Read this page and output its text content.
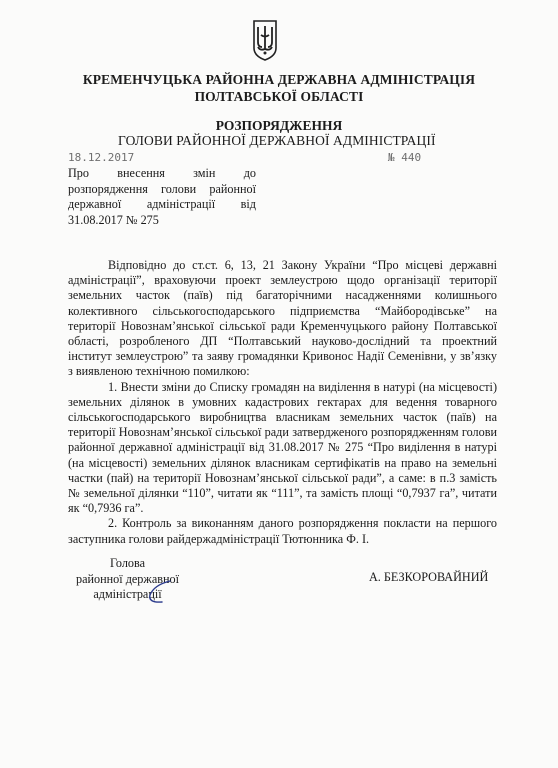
КРЕМЕНЧУЦЬКА РАЙОННА ДЕРЖАВНА АДМІНІСТРАЦІЯ
ПОЛТАВСЬКОЇ ОБЛАСТІ
РОЗПОРЯДЖЕННЯ
ГОЛОВИ РАЙОННОЇ ДЕРЖАВНОЇ АДМІНІСТРАЦІЇ
18.12.2017	№ 440
Про внесення змін до
розпорядження голови районної
державної адміністрації від
31.08.2017 № 275

Відповідно до ст.ст. 6, 13, 21 Закону України “Про місцеві державні адміністрації”, враховуючи проект землеустрою щодо організації території земельних часток (паїв) під багаторічними насадженнями колишнього колективного сільськогосподарського підприємства “Майбородівське” на території Новознам’янської сільської ради Кременчуцького району Полтавської області, розробленого ДП “Полтавський науково-дослідний та проектний інститут землеустрою” та заяву громадянки Кривонос Надії Семенівни, у зв’язку з виявленою технічною помилкою:

1. Внести зміни до Списку громадян на виділення в натурі (на місцевості) земельних ділянок в умовних кадастрових гектарах для ведення товарного сільськогосподарського виробництва власникам земельних часток (паїв) на території Новознам’янської сільської ради затвердженого розпорядженням голови районної державної адміністрації від 31.08.2017 № 275 “Про виділення в натурі (на місцевості) земельних ділянок власникам сертифікатів на право на земельні частки (пай) на території Новознам’янської сільської ради”, а саме: в п.3 замість № земельної ділянки “110”, читати як “111”, та замість площі “0,7937 га”, читати як “0,7936 га”.

2. Контроль за виконанням даного розпорядження покласти на першого заступника голови райдержадміністрації Тютюнника Ф. І.

Голова
районної державної
адміністрації
А. БЕЗКОРОВАЙНИЙ
